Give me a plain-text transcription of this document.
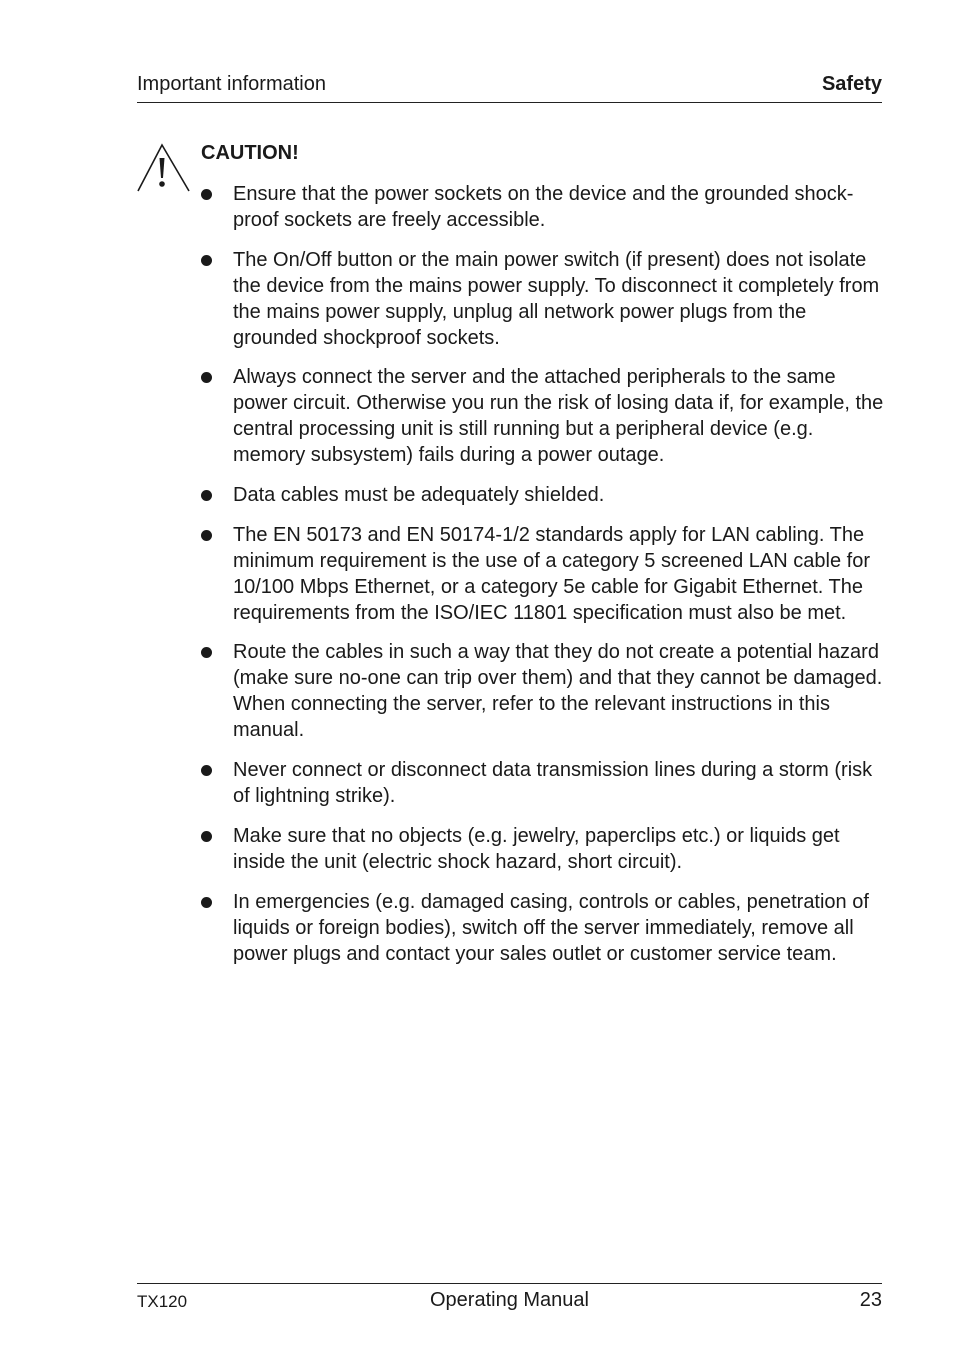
Important information	Safety
CAUTION!
Ensure that the power sockets on the device and the grounded shock-proof sockets are freely accessible.
The On/Off button or the main power switch (if present) does not isolate the device from the mains power supply. To disconnect it completely from the mains power supply, unplug all network power plugs from the grounded shockproof sockets.
Always connect the server and the attached peripherals to the same power circuit. Otherwise you run the risk of losing data if, for example, the central processing unit is still running but a peripheral device (e.g. memory subsystem) fails during a power outage.
Data cables must be adequately shielded.
The EN 50173 and EN 50174-1/2 standards apply for LAN cabling. The minimum requirement is the use of a category 5 screened LAN cable for 10/100 Mbps Ethernet, or a category 5e cable for Gigabit Ethernet. The requirements from the ISO/IEC 11801 specification must also be met.
Route the cables in such a way that they do not create a potential hazard (make sure no-one can trip over them) and that they cannot be damaged. When connecting the server, refer to the relevant instructions in this manual.
Never connect or disconnect data transmission lines during a storm (risk of lightning strike).
Make sure that no objects (e.g. jewelry, paperclips etc.) or liquids get inside the unit (electric shock hazard, short circuit).
In emergencies (e.g. damaged casing, controls or cables, penetration of liquids or foreign bodies), switch off the server immediately, remove all power plugs and contact your sales outlet or customer service team.
TX120	Operating Manual	23
